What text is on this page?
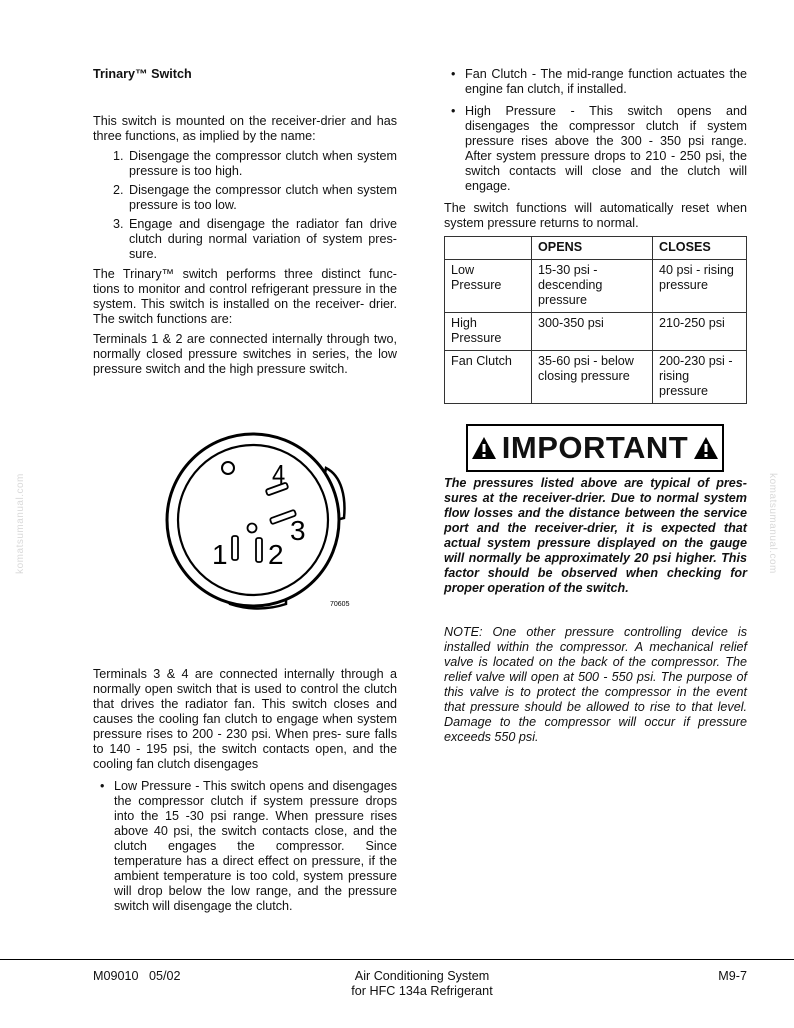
komatsumanual.com	komatsumanual.com
Trinary™ Switch

This switch is mounted on the receiver-drier and has three functions, as implied by the name:

1. Disengage the compressor clutch when system pressure is too high.
2. Disengage the compressor clutch when system pressure is too low.
3. Engage and disengage the radiator fan drive clutch during normal variation of system pres- sure.

The Trinary™ switch performs three distinct func- tions to monitor and control refrigerant pressure in the system. This switch is installed on the receiver- drier. The switch functions are:

Terminals 1 & 2 are connected internally through two, normally closed pressure switches in series, the low pressure switch and the high pressure switch.

4
3
1 2
70605

Terminals 3 & 4 are connected internally through a normally open switch that is used to control the clutch that drives the radiator fan. This switch closes and causes the cooling fan clutch to engage when system pressure rises to 200 - 230 psi. When pres- sure falls to 140 - 195 psi, the switch contacts open, and the cooling fan clutch disengages

• Low Pressure - This switch opens and disengages the compressor clutch if system pressure drops into the 15 -30 psi range. When pressure rises above 40 psi, the switch contacts close, and the clutch engages the compressor. Since temperature has a direct effect on pressure, if the ambient temperature is too cold, system pressure will drop below the low range, and the pressure switch will disengage the clutch.
• Fan Clutch - The mid-range function actuates the engine fan clutch, if installed.
• High Pressure - This switch opens and disengages the compressor clutch if system pressure rises above the 300 - 350 psi range. After system pressure drops to 210 - 250 psi, the switch contacts will close and the clutch will engage.

The switch functions will automatically reset when system pressure returns to normal.

	OPENS	CLOSES
Low Pressure	15-30 psi - descending pressure	40 psi - rising pressure
High Pressure	300-350 psi	210-250 psi
Fan Clutch	35-60 psi - below closing pressure	200-230 psi - rising pressure
IMPORTANT
The pressures listed above are typical of pres- sures at the receiver-drier. Due to normal system flow losses and the distance between the service port and the receiver-drier, it is expected that actual system pressure displayed on the gauge will normally be approximately 20 psi higher. This factor should be observed when checking for proper operation of the switch.
NOTE: One other pressure controlling device is installed within the compressor. A mechanical relief valve is located on the back of the compressor. The relief valve will open at 500 - 550 psi. The purpose of this valve is to protect the compressor in the event that pressure should be allowed to rise to that level. Damage to the compressor will occur if pressure exceeds 550 psi.
M09010   05/02	Air Conditioning System
for HFC 134a Refrigerant
M9-7
